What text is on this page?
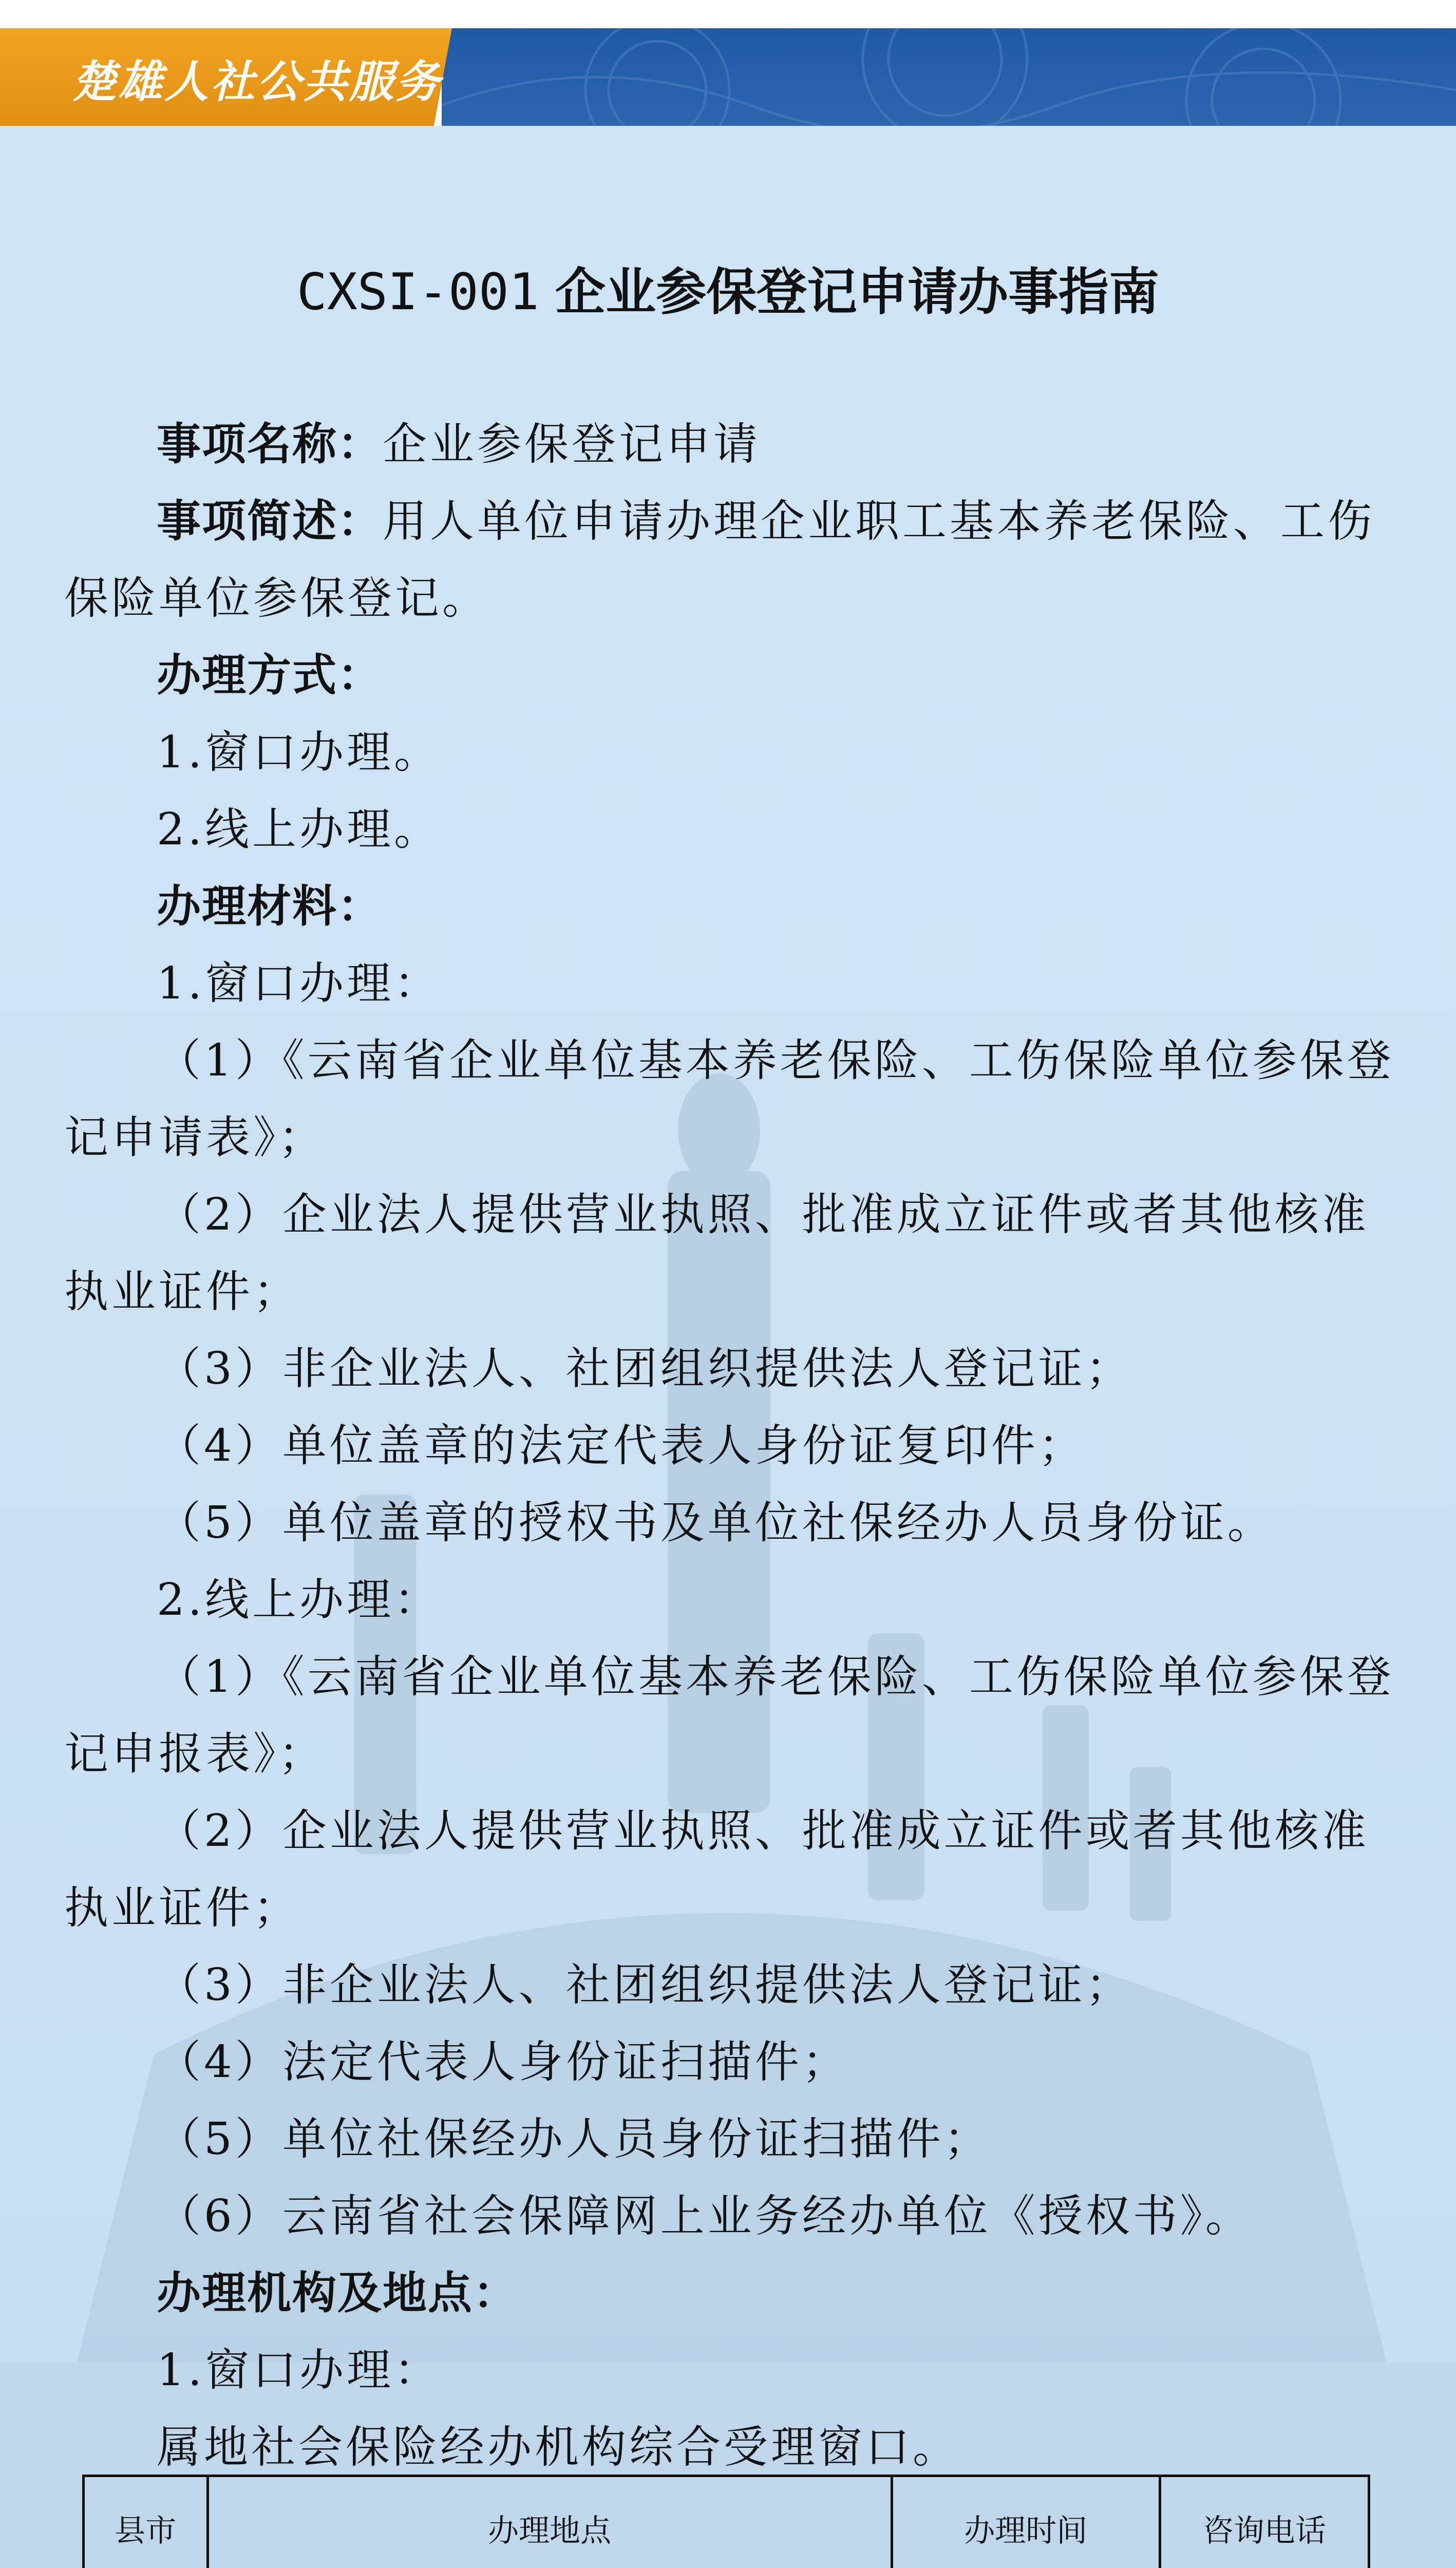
楚雄人社公共服务
CXSI-001 企业参保登记申请办事指南

事项名称：企业参保登记申请

事项简述：用人单位申请办理企业职工基本养老保险、工伤保险单位参保登记。

办理方式：

1.窗口办理。

2.线上办理。

办理材料：

1.窗口办理：

（1）《云南省企业单位基本养老保险、工伤保险单位参保登记申请表》；

（2）企业法人提供营业执照、批准成立证件或者其他核准执业证件；

（3）非企业法人、社团组织提供法人登记证；

（4）单位盖章的法定代表人身份证复印件；

（5）单位盖章的授权书及单位社保经办人员身份证。

2.线上办理：

（1）《云南省企业单位基本养老保险、工伤保险单位参保登记申报表》；

（2）企业法人提供营业执照、批准成立证件或者其他核准执业证件；

（3）非企业法人、社团组织提供法人登记证；

（4）法定代表人身份证扫描件；

（5）单位社保经办人员身份证扫描件；

（6）云南省社会保障网上业务经办单位《授权书》。

办理机构及地点：

1.窗口办理：

属地社会保险经办机构综合受理窗口。

县市	办理地点	办理时间	咨询电话
